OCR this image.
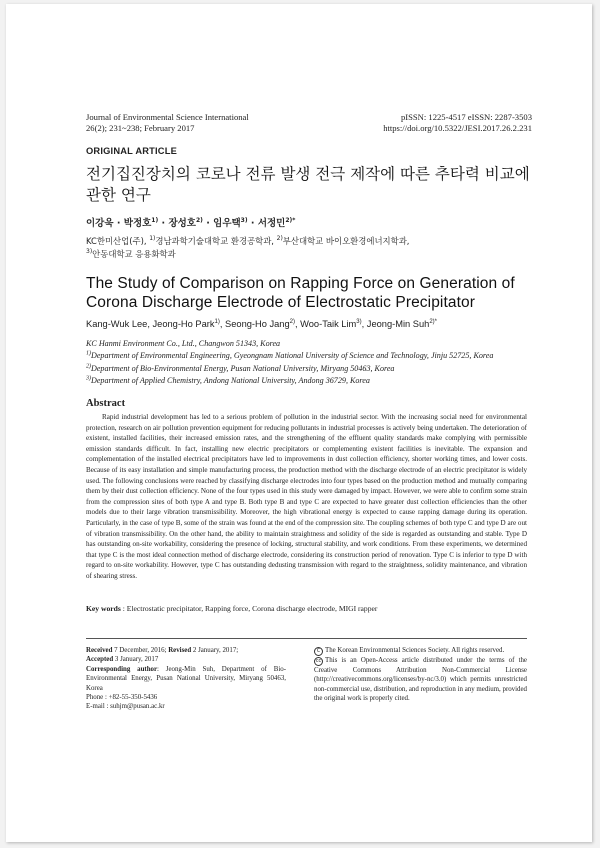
Journal of Environmental Science International
26(2); 231~238; February 2017
pISSN: 1225-4517 eISSN: 2287-3503
https://doi.org/10.5322/JESI.2017.26.2.231
ORIGINAL ARTICLE
전기집진장치의 코로나 전류 발생 전극 제작에 따른 추타력 비교에
관한 연구
이강욱 · 박정호$^{1)}$ · 장성호$^{2)}$ · 임우택$^{3)}$ · 서정민$^{2)*}$
KC한미산업(주), $^{1)}$경남과학기술대학교 환경공학과, $^{2)}$부산대학교 바이오환경에너지학과,
$^{3)}$안동대학교 응용화학과
The Study of Comparison on Rapping Force on Generation of
Corona Discharge Electrode of Electrostatic Precipitator
Kang-Wuk Lee, Jeong-Ho Park$^{1)}$, Seong-Ho Jang$^{2)}$, Woo-Taik Lim$^{3)}$, Jeong-Min Suh$^{2)*}$
KC Hanmi Environment Co., Ltd., Changwon 51343, Korea
$^{1)}$Department of Environmental Engineering, Gyeongnam National University of Science and Technology, Jinju 52725, Korea
$^{2)}$Department of Bio-Environmental Energy, Pusan National University, Miryang 50463, Korea
$^{3)}$Department of Applied Chemistry, Andong National University, Andong 36729, Korea
Abstract
Rapid industrial development has led to a serious problem of pollution in the industrial sector. With the increasing social need for environmental protection, research on air pollution prevention equipment for reducing pollutants in industrial processes is actively being undertaken. The deterioration of existent, installed facilities, their increased emission rates, and the strengthening of the effluent quality standards make complying with permissible emission standards difficult. In fact, installing new electric precipitators or complementing existent facilities is inevitable. The expansion and complementation of the installed electrical precipitators have led to improvements in dust collection efficiency, shorter working times, and lower costs. Because of its easy installation and simple manufacturing process, the production method with the discharge electrode of an electric precipitator is widely used. The following conclusions were reached by classifying discharge electrodes into four types based on the production method and mutually comparing them by their dust collection efficiency. None of the four types used in this study were damaged by impact. However, we were able to confirm some strain from the compression sites of both type A and type B. Both type B and type C are expected to have greater dust collection efficiencies than the other models due to their large vibration transmissibility. Moreover, the high vibrational energy is expected to cause rapping damage during its operation. Particularly, in the case of type B, some of the strain was found at the end of the compression site. The coupling schemes of both type C and type D are out of vibration transmissibility. On the other hand, the ability to maintain straightness and solidity of the side is regarded as outstanding and stable. Type D has outstanding on-site workability, considering the presence of locking, structural stability, and work conditions. From these experiments, we determined that type C is the most ideal connection method of discharge electrode, considering its construction period of renovation. Type C is inferior to type D with regard to on-site workability. However, type C has outstanding dedusting transmission with regard to the straightness, solidity maintenance, and vibration of shearing stress.
Key words : Electrostatic precipitator, Rapping force, Corona discharge electrode, MIGI rapper
Received 7 December, 2016; Revised 2 January, 2017;
Accepted 3 January, 2017
Corresponding author: Jeong-Min Suh, Department of Bio-Environmental Energy, Pusan National University, Miryang 50463, Korea
Phone : +82-55-350-5436
E-mail : suhjm@pusan.ac.kr
C The Korean Environmental Sciences Society. All rights reserved.
cc This is an Open-Access article distributed under the terms of the Creative Commons Attribution Non-Commercial License (http://creativecommons.org/licenses/by-nc/3.0) which permits unrestricted non-commercial use, distribution, and reproduction in any medium, provided the original work is properly cited.
